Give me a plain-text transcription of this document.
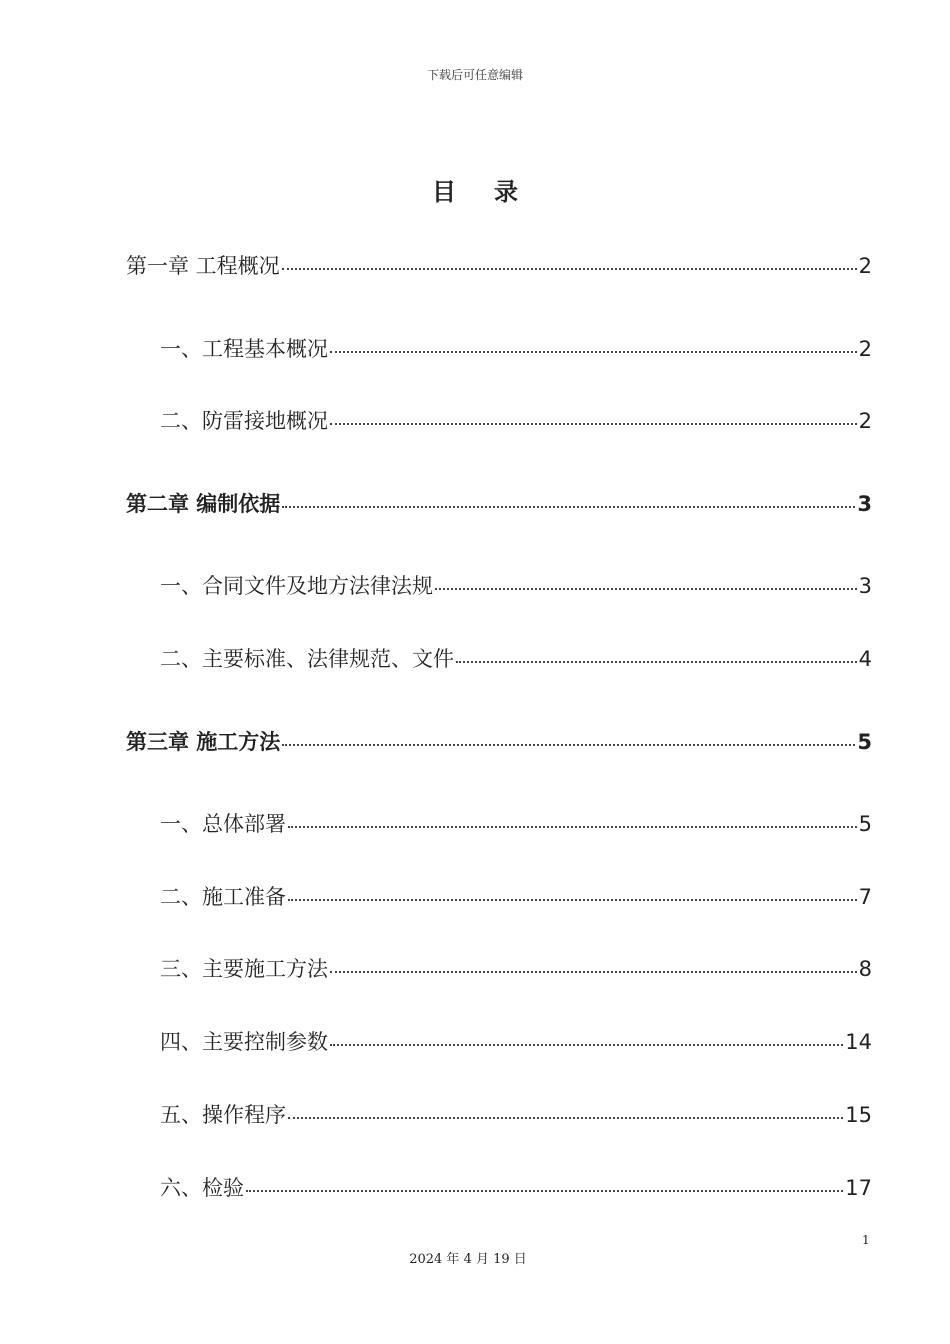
下载后可任意编辑
目录
第一章 工程概况	2
一、工程基本概况	2
二、防雷接地概况	2
第二章 编制依据	3
一、合同文件及地方法律法规	3
二、主要标准、法律规范、文件	4
第三章 施工方法	5
一、总体部署	5
二、施工准备	7
三、主要施工方法	8
四、主要控制参数	14
五、操作程序	15
六、检验	17
1
2024 年 4 月 19 日
